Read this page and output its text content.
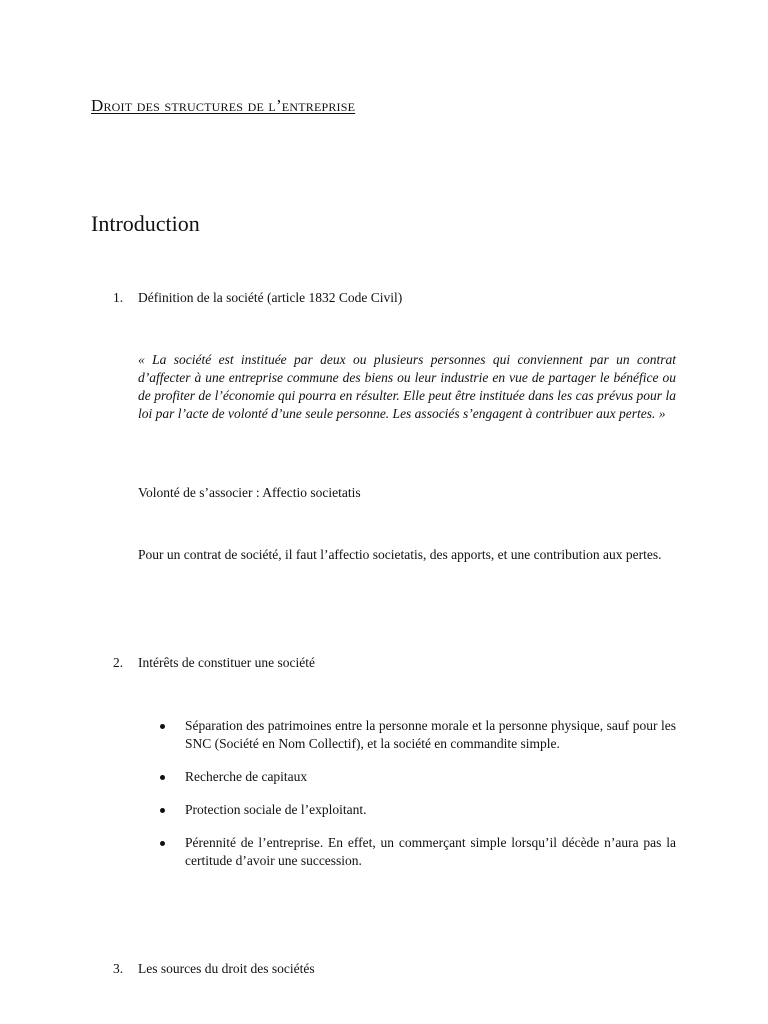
Droit des structures de l’entreprise
Introduction
1. Définition de la société (article 1832 Code Civil)
« La société est instituée par deux ou plusieurs personnes qui conviennent par un contrat d’affecter à une entreprise commune des biens ou leur industrie en vue de partager le bénéfice ou de profiter de l’économie qui pourra en résulter. Elle peut être instituée dans les cas prévus pour la loi par l’acte de volonté d’une seule personne. Les associés s’engagent à contribuer aux pertes. »
Volonté de s’associer : Affectio societatis
Pour un contrat de société, il faut l’affectio societatis, des apports, et une contribution aux pertes.
2. Intérêts de constituer une société
Séparation des patrimoines entre la personne morale et la personne physique, sauf pour les SNC (Société en Nom Collectif), et la société en commandite simple.
Recherche de capitaux
Protection sociale de l’exploitant.
Pérennité de l’entreprise. En effet, un commerçant simple lorsqu’il décède n’aura pas la certitude d’avoir une succession.
3. Les sources du droit des sociétés
